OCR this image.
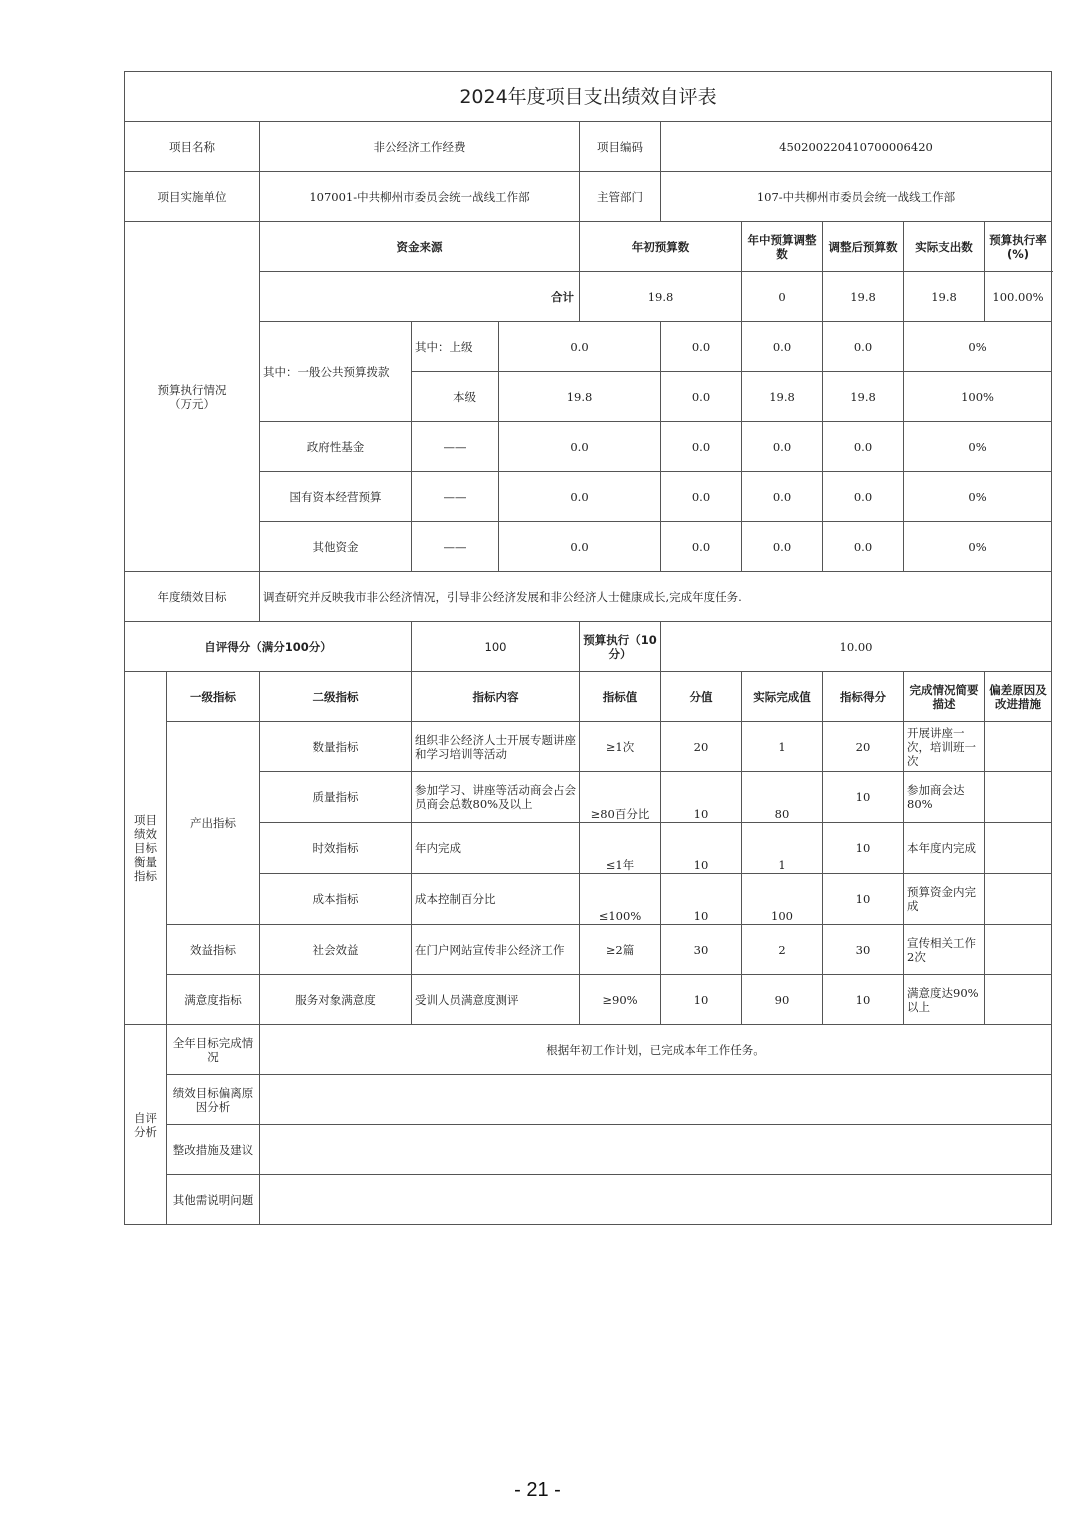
2024年度项目支出绩效自评表										
项目名称		非公经济工作经费			项目编码	450200220410700006420				
项目实施单位		107001-中共柳州市委员会统一战线工作部			主管部门	107-中共柳州市委员会统一战线工作部				
预算执行情况（万元）		资金来源			年初预算数		年中预算调整数	调整后预算数	实际支出数	预算执行率(%)
		合计			19.8		0	19.8	19.8	100.00%
		其中：一般公共预算拨款	其中：上级	0.0		0.0	0.0	0.0	0%	
			本级	19.8		0.0	19.8	19.8	100%	
		政府性基金	——	0.0		0.0	0.0	0.0	0%	
		国有资本经营预算	——	0.0		0.0	0.0	0.0	0%	
		其他资金	——	0.0		0.0	0.0	0.0	0%	
年度绩效目标		调查研究并反映我市非公经济情况，引导非公经济发展和非公经济人士健康成长,完成年度任务.								
自评得分（满分100分）			100		预算执行（10分）	10.00				
项目绩效目标衡量指标	一级指标	二级指标	指标内容		指标值	分值	实际完成值	指标得分	完成情况简要描述	偏差原因及改进措施
	产出指标	数量指标	组织非公经济人士开展专题讲座和学习培训等活动		≥1次	20	1	20	开展讲座一次，培训班一次	
		质量指标	参加学习、讲座等活动商会占会员商会总数80%及以上		≥80百分比	10	80	10	参加商会达80%	
		时效指标	年内完成		≤1年	10	1	10	本年度内完成	
		成本指标	成本控制百分比		≤100%	10	100	10	预算资金内完成	
	效益指标	社会效益	在门户网站宣传非公经济工作		≥2篇	30	2	30	宣传相关工作2次	
	满意度指标	服务对象满意度	受训人员满意度测评		≥90%	10	90	10	满意度达90%以上	
自评分析	全年目标完成情况	根据年初工作计划，已完成本年工作任务。								
	绩效目标偏离原因分析									
	整改措施及建议									
	其他需说明问题									
- 21 -
